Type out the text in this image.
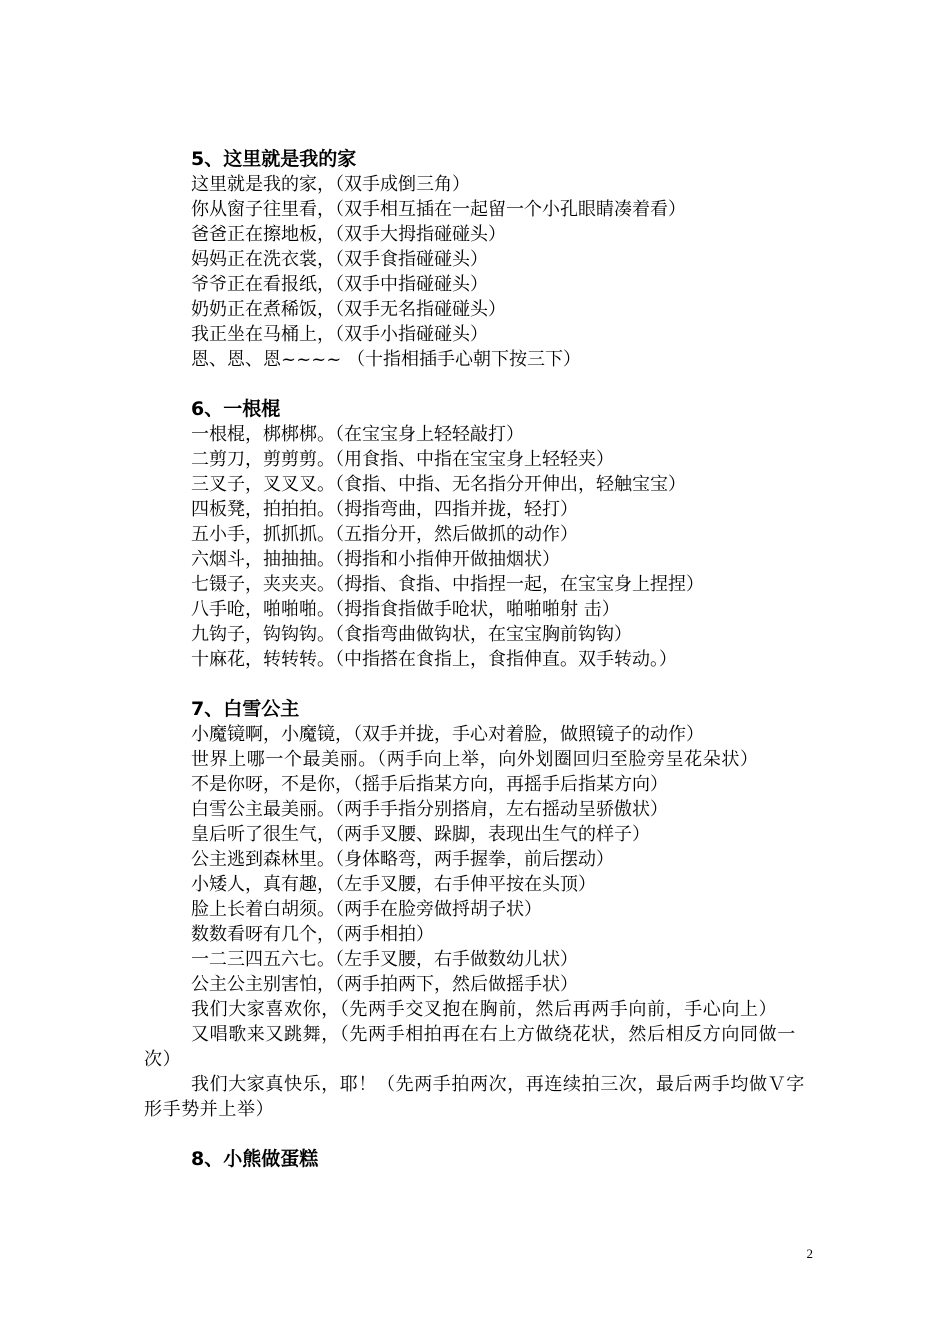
5、这里就是我的家
这里就是我的家，（双手成倒三角）
你从窗子往里看，（双手相互插在一起留一个小孔眼睛凑着看）
爸爸正在擦地板，（双手大拇指碰碰头）
妈妈正在洗衣裳，（双手食指碰碰头）
爷爷正在看报纸，（双手中指碰碰头）
奶奶正在煮稀饭，（双手无名指碰碰头）
我正坐在马桶上，（双手小指碰碰头）
恩、恩、恩~~~~ （十指相插手心朝下按三下）
6、一根棍
一根棍，梆梆梆。（在宝宝身上轻轻敲打）
二剪刀，剪剪剪。（用食指、中指在宝宝身上轻轻夹）
三叉子，叉叉叉。（食指、中指、无名指分开伸出，轻触宝宝）
四板凳，拍拍拍。（拇指弯曲，四指并拢，轻打）
五小手，抓抓抓。（五指分开，然后做抓的动作）
六烟斗，抽抽抽。（拇指和小指伸开做抽烟状）
七镊子，夹夹夹。（拇指、食指、中指捏一起，在宝宝身上捏捏）
八手呛，啪啪啪。（拇指食指做手呛状，啪啪啪射 击）
九钩子，钩钩钩。（食指弯曲做钩状，在宝宝胸前钩钩）
十麻花，转转转。（中指搭在食指上，食指伸直。双手转动。）
7、白雪公主
小魔镜啊，小魔镜，（双手并拢，手心对着脸，做照镜子的动作）
世界上哪一个最美丽。（两手向上举，向外划圈回归至脸旁呈花朵状）
不是你呀，不是你，（摇手后指某方向，再摇手后指某方向）
白雪公主最美丽。（两手手指分别搭肩，左右摇动呈骄傲状）
皇后听了很生气，（两手叉腰、跺脚，表现出生气的样子）
公主逃到森林里。（身体略弯，两手握拳，前后摆动）
小矮人，真有趣，（左手叉腰，右手伸平按在头顶）
脸上长着白胡须。（两手在脸旁做捋胡子状）
数数看呀有几个，（两手相拍）
一二三四五六七。（左手叉腰，右手做数幼儿状）
公主公主别害怕，（两手拍两下，然后做摇手状）
我们大家喜欢你，（先两手交叉抱在胸前，然后再两手向前，手心向上）
又唱歌来又跳舞，（先两手相拍再在右上方做绕花状，然后相反方向同做一次）
我们大家真快乐，耶！（先两手拍两次，再连续拍三次，最后两手均做Ｖ字形手势并上举）
8、小熊做蛋糕
2
